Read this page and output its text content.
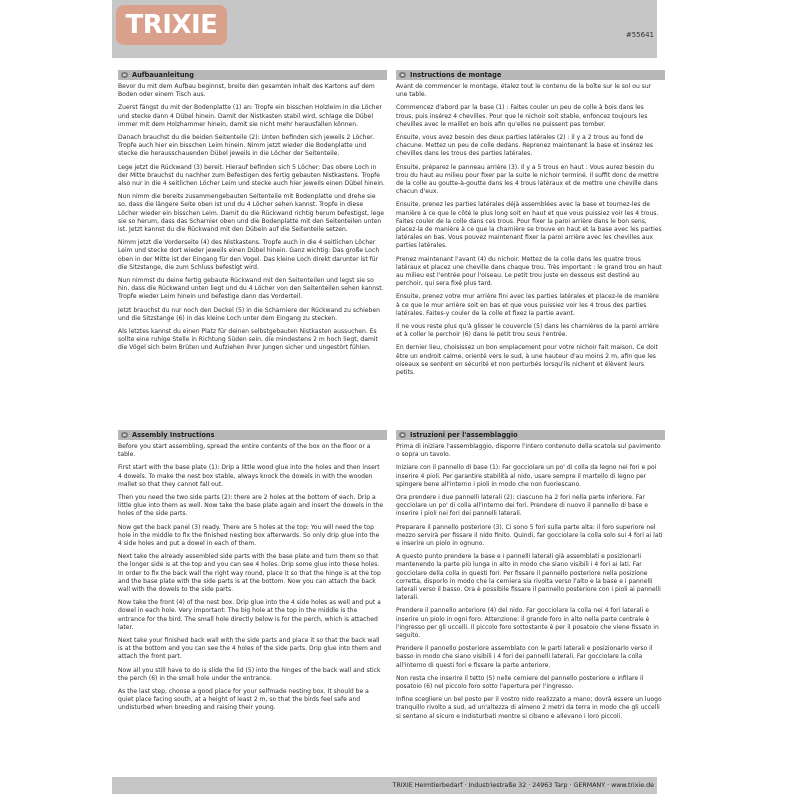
TRIXIE	#55641
Aufbauanleitung

Bevor du mit dem Aufbau beginnst, breite den gesamten Inhalt des Kartons auf dem Boden oder einem Tisch aus.

Zuerst fängst du mit der Bodenplatte (1) an: Tropfe ein bisschen Holzleim in die Löcher und stecke dann 4 Dübel hinein. Damit der Nistkasten stabil wird, schlage die Dübel immer mit dem Holzhammer hinein, damit sie nicht mehr herausfallen können.

Danach brauchst du die beiden Seitenteile (2): Unten befinden sich jeweils 2 Löcher. Tropfe auch hier ein bisschen Leim hinein. Nimm jetzt wieder die Bodenplatte und stecke die herausschauenden Dübel jeweils in die Löcher der Seitenteile.

Lege jetzt die Rückwand (3) bereit. Hierauf befinden sich 5 Löcher: Das obere Loch in der Mitte brauchst du nachher zum Befestigen des fertig gebauten Nistkastens. Tropfe also nur in die 4 seitlichen Löcher Leim und stecke auch hier jeweils einen Dübel hinein.

Nun nimm die bereits zusammengebauten Seitenteile mit Bodenplatte und drehe sie so, dass die längere Seite oben ist und du 4 Löcher sehen kannst. Tropfe in diese Löcher wieder ein bisschen Leim. Damit du die Rückwand richtig herum befestigst, lege sie so herum, dass das Scharnier oben und die Bodenplatte mit den Seitenteilen unten ist. Jetzt kannst du die Rückwand mit den Dübeln auf die Seitenteile setzen.

Nimm jetzt die Vorderseite (4) des Nistkastens. Tropfe auch in die 4 seitlichen Löcher Leim und stecke dort wieder jeweils einen Dübel hinein. Ganz wichtig: Das große Loch oben in der Mitte ist der Eingang für den Vogel. Das kleine Loch direkt darunter ist für die Sitzstange, die zum Schluss befestigt wird.

Nun nimmst du deine fertig gebaute Rückwand mit den Seitenteilen und legst sie so hin, dass die Rückwand unten liegt und du 4 Löcher von den Seitenteilen sehen kannst. Tropfe wieder Leim hinein und befestige dann das Vorderteil.

Jetzt brauchst du nur noch den Deckel (5) in die Scharniere der Rückwand zu schieben und die Sitzstange (6) in das kleine Loch unter dem Eingang zu stecken.

Als letztes kannst du einen Platz für deinen selbstgebauten Nistkasten aussuchen. Es sollte eine ruhige Stelle in Richtung Süden sein, die mindestens 2 m hoch liegt, damit die Vögel sich beim Brüten und Aufziehen ihrer Jungen sicher und ungestört fühlen.

Instructions de montage

Avant de commencer le montage, étalez tout le contenu de la boîte sur le sol ou sur une table.

Commencez d'abord par la base (1) : Faites couler un peu de colle à bois dans les trous, puis insérez 4 chevilles. Pour que le nichoir soit stable, enfoncez toujours les chevilles avec le maillet en bois afin qu'elles ne puissent pas tomber.

Ensuite, vous avez besoin des deux parties latérales (2) : il y a 2 trous au fond de chacune. Mettez un peu de colle dedans. Reprenez maintenant la base et insérez les chevilles dans les trous des parties latérales.

Ensuite, préparez le panneau arrière (3). Il y a 5 trous en haut : Vous aurez besoin du trou du haut au milieu pour fixer par la suite le nichoir terminé. Il suffit donc de mettre de la colle au goutte-à-goutte dans les 4 trous latéraux et de mettre une cheville dans chacun d'eux.

Ensuite, prenez les parties latérales déjà assemblées avec la base et tournez-les de manière à ce que le côté le plus long soit en haut et que vous puissiez voir les 4 trous. Faites couler de la colle dans ces trous. Pour fixer la paroi arrière dans le bon sens, placez-la de manière à ce que la charnière se trouve en haut et la base avec les parties latérales en bas. Vous pouvez maintenant fixer la paroi arrière avec les chevilles aux parties latérales.

Prenez maintenant l'avant (4) du nichoir. Mettez de la colle dans les quatre trous latéraux et placez une cheville dans chaque trou. Très important : le grand trou en haut au milieu est l'entrée pour l'oiseau. Le petit trou juste en dessous est destiné au perchoir, qui sera fixé plus tard.

Ensuite, prenez votre mur arrière fini avec les parties latérales et placez-le de manière à ce que le mur arrière soit en bas et que vous puissiez voir les 4 trous des parties latérales. Faites-y couler de la colle et fixez la partie avant.

Il ne vous reste plus qu'à glisser le couvercle (5) dans les charnières de la paroi arrière et à coller le perchoir (6) dans le petit trou sous l'entrée.

En dernier lieu, choisissez un bon emplacement pour votre nichoir fait maison. Ce doit être un endroit calme, orienté vers le sud, à une hauteur d'au moins 2 m, afin que les oiseaux se sentent en sécurité et non perturbés lorsqu'ils nichent et élèvent leurs petits.

Assembly Instructions

Before you start assembling, spread the entire contents of the box on the floor or a table.

First start with the base plate (1): Drip a little wood glue into the holes and then insert 4 dowels. To make the nest box stable, always knock the dowels in with the wooden mallet so that they cannot fall out.

Then you need the two side parts (2): there are 2 holes at the bottom of each. Drip a little glue into them as well. Now take the base plate again and insert the dowels in the holes of the side parts.

Now get the back panel (3) ready. There are 5 holes at the top: You will need the top hole in the middle to fix the finished nesting box afterwards. So only drip glue into the 4 side holes and put a dowel in each of them.

Next take the already assembled side parts with the base plate and turn them so that the longer side is at the top and you can see 4 holes. Drip some glue into these holes. In order to fix the back wall the right way round, place it so that the hinge is at the top and the base plate with the side parts is at the bottom. Now you can attach the back wall with the dowels to the side parts.

Now take the front (4) of the nest box. Drip glue into the 4 side holes as well and put a dowel in each hole. Very important: The big hole at the top in the middle is the entrance for the bird. The small hole directly below is for the perch, which is attached later.

Next take your finished back wall with the side parts and place it so that the back wall is at the bottom and you can see the 4 holes of the side parts. Drip glue into them and attach the front part.

Now all you still have to do is slide the lid (5) into the hinges of the back wall and stick the perch (6) in the small hole under the entrance.

As the last step, choose a good place for your selfmade nesting box. It should be a quiet place facing south, at a height of least 2 m, so that the birds feel safe and undisturbed when breeding and raising their young.

Istruzioni per l'assemblaggio

Prima di iniziare l'assemblaggio, disporre l'intero contenuto della scatola sul pavimento o sopra un tavolo.

Iniziare con il pannello di base (1): Far gocciolare un po' di colla da legno nei fori e poi inserire 4 pioli. Per garantire stabilità al nido, usare sempre il martello di legno per spingere bene all'interno i pioli in modo che non fuoriescano.

Ora prendere i due pannelli laterali (2): ciascuno ha 2 fori nella parte inferiore. Far gocciolare un po' di colla all'interno dei fori. Prendere di nuovo il pannello di base e inserire i pioli nei fori dei pannelli laterali.

Preparare il pannello posteriore (3). Ci sono 5 fori sulla parte alta: il foro superiore nel mezzo servirà per fissare il nido finito. Quindi, far gocciolare la colla solo sui 4 fori ai lati e inserire un piolo in ognuno.

A questo punto prendere la base e i pannelli laterali già assemblati e posizionarli mantenendo la parte più lunga in alto in modo che siano visibili i 4 fori ai lati. Far gocciolare della colla in questi fori. Per fissare il pannello posteriore nella posizione corretta, disporlo in modo che la cerniera sia rivolta verso l'alto e la base e i pannelli laterali verso il basso. Ora è possibile fissare il pannello posteriore con i pioli ai pannelli laterali.

Prendere il pannello anteriore (4) del nido. Far gocciolare la colla nei 4 fori laterali e inserire un piolo in ogni foro. Attenzione: il grande foro in alto nella parte centrale è l'ingresso per gli uccelli. Il piccolo foro sottostante è per il posatoio che viene fissato in seguito.

Prendere il pannello posteriore assemblato con le parti laterali e posizionarlo verso il basso in modo che siano visibili i 4 fori dei pannelli laterali. Far gocciolare la colla all'interno di questi fori e fissare la parte anteriore.

Non resta che inserire il tetto (5) nelle cerniere del pannello posteriore e infilare il posatoio (6) nel piccolo foro sotto l'apertura per l'ingresso.

Infine scegliere un bel posto per il vostro nido realizzato a mano; dovrà essere un luogo tranquillo rivolto a sud, ad un'altezza di almeno 2 metri da terra in modo che gli uccelli si sentano al sicuro e indisturbati mentre si cibano e allevano i loro piccoli.

TRIXIE Heimtierbedarf · Industriestraße 32 · 24963 Tarp · GERMANY · www.trixie.de
